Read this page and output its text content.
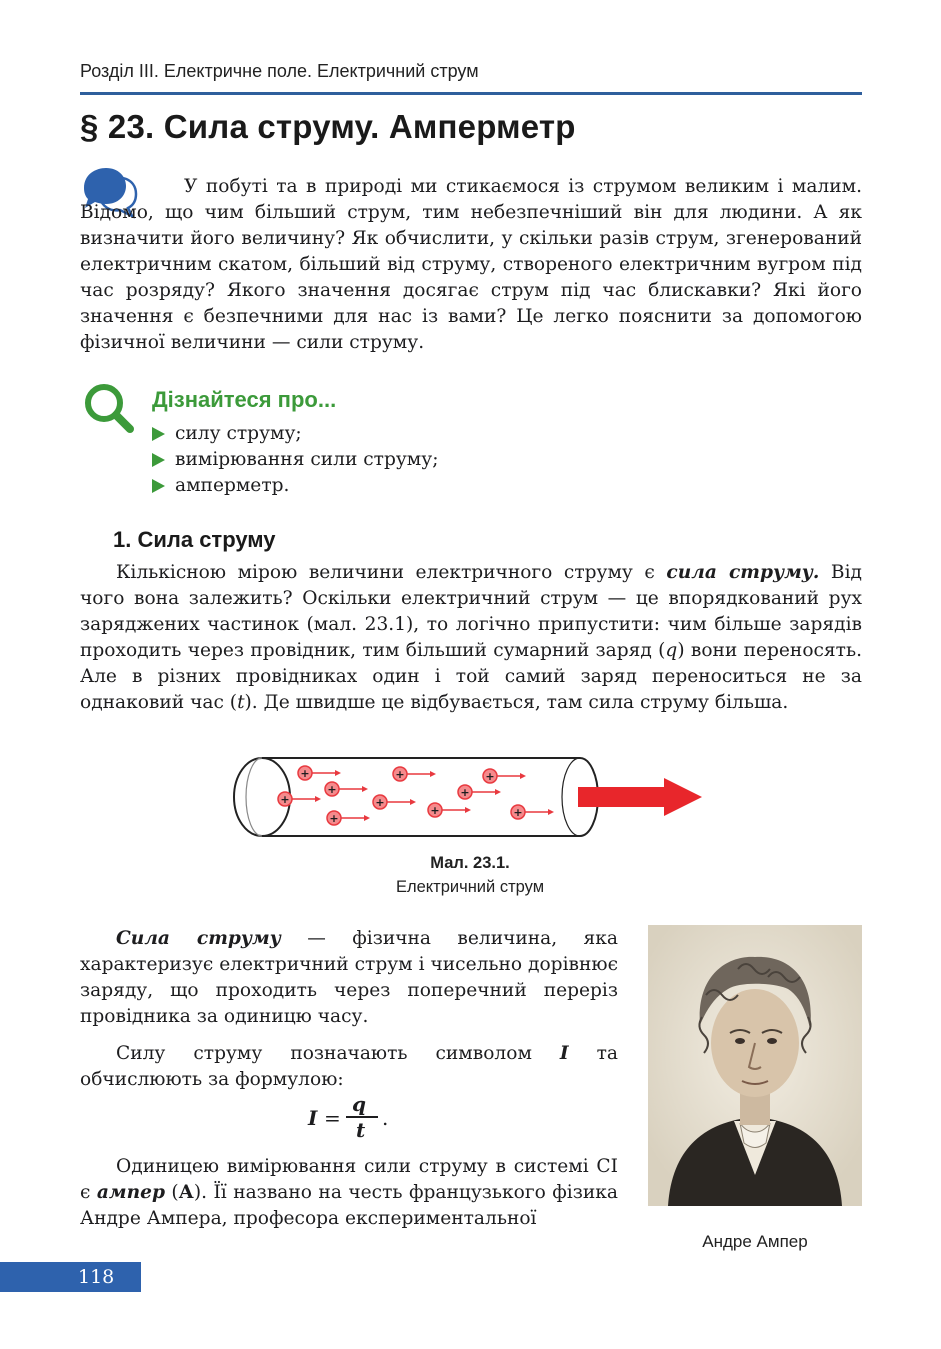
Розділ ІІІ. Електричне поле. Електричний струм
§ 23. Сила струму. Амперметр

У побуті та в природі ми стикаємося із струмом великим і малим. Відомо, що чим більший струм, тим небезпечніший він для людини. А як визначити його величину? Як обчислити, у скільки разів струм, згенерований електричним скатом, більший від струму, створеного електричним вугром під час розряду? Якого значення досягає струм під час блискавки? Які його значення є безпечними для нас із вами? Це легко пояснити за допомогою фізичної величини — сили струму.

Дізнайтеся про...
силу струму;
вимірювання сили струму;
амперметр.
1. Сила струму

Кількісною мірою величини електричного струму є сила струму. Від чого вона залежить? Оскільки електричний струм — це впорядкований рух заряджених частинок (мал. 23.1), то логічно припустити: чим більше зарядів проходить через провідник, тим більший сумарний заряд (q) вони переносять. Але в різних провідниках один і той самий заряд переноситься не за однаковий час (t). Де швидше це відбувається, там сила струму більша.

+
+
+
+
+
+
+
+
+
+
Мал. 23.1.
Електричний струм

Сила струму — фізична величина, яка характеризує електричний струм і чисельно дорівнює заряду, що проходить через поперечний переріз провідника за одиницю часу.

Силу струму позначають символом I та обчислюють за формулою:

I =
q
t .

Одиницею вимірювання сили струму в системі СІ є ампер (А). Її названо на честь французького фізика Андре Ампера, професора експериментальної

Андре Ампер
118
